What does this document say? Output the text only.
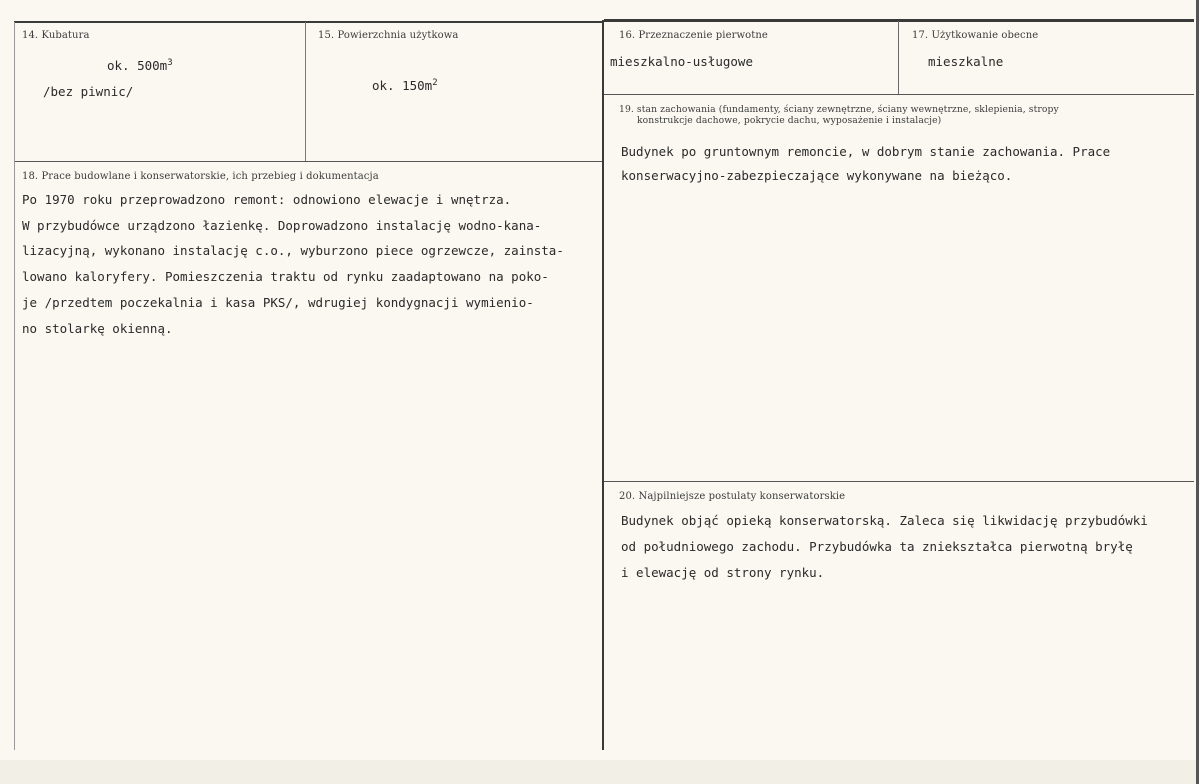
14. Kubatura
ok. $500m^3$
/bez piwnic/
15. Powierzchnia użytkowa
ok. $150m^2$
16. Przeznaczenie pierwotne
mieszkalno-usługowe
17. Użytkowanie obecne
mieszkalne
18. Prace budowlane i konserwatorskie, ich przebieg i dokumentacja
Po 1970 roku przeprowadzono remont: odnowiono elewacje i wnętrza.
W przybudówce urządzono łazienkę. Doprowadzono instalację wodno-kana-
lizacyjną, wykonano instalację c.o., wyburzono piece ogrzewcze, zainsta-
lowano kaloryfery. Pomieszczenia traktu od rynku zaadaptowano na poko-
je /przedtem poczekalnia i kasa PKS/, wdrugiej kondygnacji wymienio-
no stolarkę okienną.
19. stan zachowania (fundamenty, ściany zewnętrzne, ściany wewnętrzne, sklepienia, stropy
konstrukcje dachowe, pokrycie dachu, wyposażenie i instalacje)
Budynek po gruntownym remoncie, w dobrym stanie zachowania. Prace
konserwacyjno-zabezpieczające wykonywane na bieżąco.
20. Najpilniejsze postulaty konserwatorskie
Budynek objąć opieką konserwatorską. Zaleca się likwidację przybudówki
od południowego zachodu. Przybudówka ta zniekształca pierwotną bryłę
i elewację od strony rynku.
